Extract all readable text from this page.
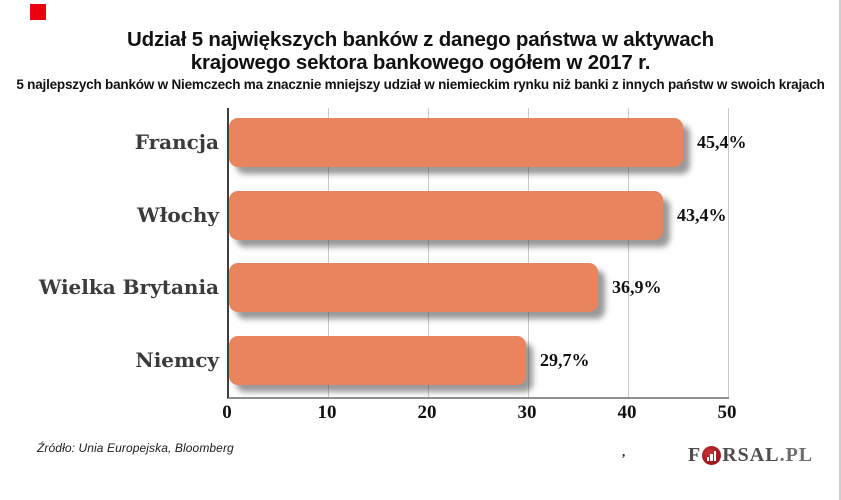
Udział 5 największych banków z danego państwa w aktywach
krajowego sektora bankowego ogółem w 2017 r.
5 najlepszych banków w Niemczech ma znacznie mniejszy udział w niemieckim rynku niż banki z innych państw w swoich krajach
45,4%
43,4%
36,9%
29,7%
Francja
Włochy
Wielka Brytania
Niemcy
0	10	20	30	40	50
Źródło: Unia Europejska, Bloomberg	,	F RSAL .PL
